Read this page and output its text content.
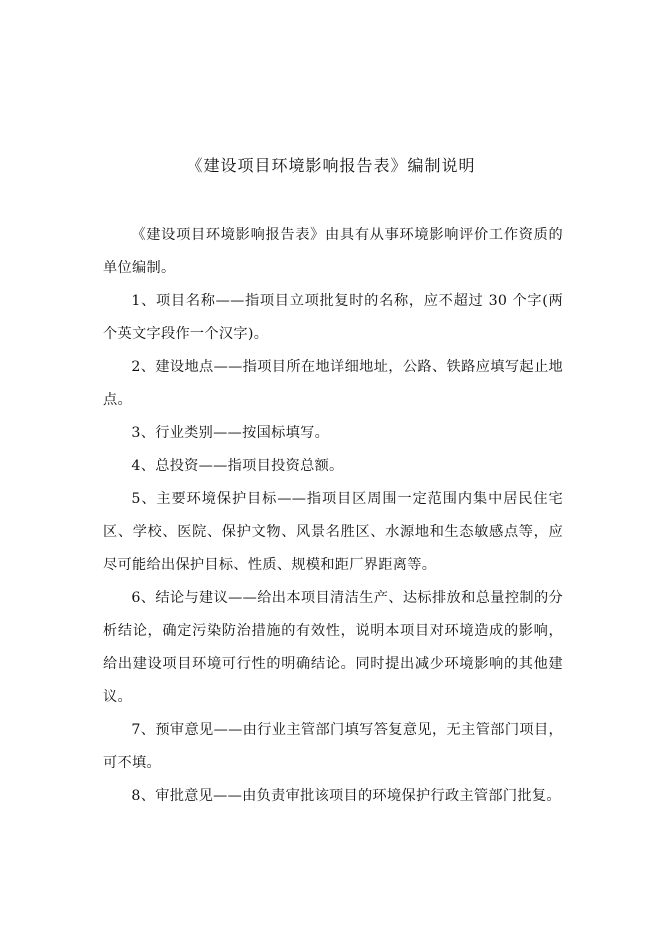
《建设项目环境影响报告表》编制说明

《建设项目环境影响报告表》由具有从事环境影响评价工作资质的单位编制。

1、项目名称——指项目立项批复时的名称，应不超过 30 个字(两个英文字段作一个汉字)。

2、建设地点——指项目所在地详细地址，公路、铁路应填写起止地点。

3、行业类别——按国标填写。

4、总投资——指项目投资总额。

5、主要环境保护目标——指项目区周围一定范围内集中居民住宅区、学校、医院、保护文物、风景名胜区、水源地和生态敏感点等，应尽可能给出保护目标、性质、规模和距厂界距离等。

6、结论与建议——给出本项目清洁生产、达标排放和总量控制的分析结论，确定污染防治措施的有效性，说明本项目对环境造成的影响，给出建设项目环境可行性的明确结论。同时提出减少环境影响的其他建议。

7、预审意见——由行业主管部门填写答复意见，无主管部门项目，可不填。

8、审批意见——由负责审批该项目的环境保护行政主管部门批复。
